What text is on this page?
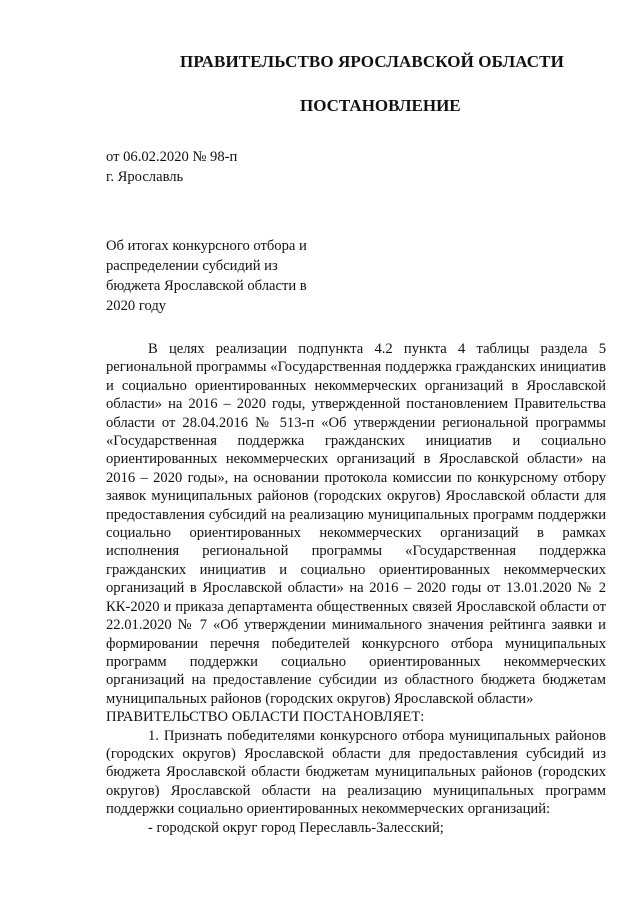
ПРАВИТЕЛЬСТВО ЯРОСЛАВСКОЙ ОБЛАСТИ
ПОСТАНОВЛЕНИЕ
от 06.02.2020 № 98-п
г. Ярославль
Об итогах конкурсного отбора и
распределении субсидий из
бюджета Ярославской области в
2020 году

В целях реализации подпункта 4.2 пункта 4 таблицы раздела 5 региональной программы «Государственная поддержка гражданских инициатив и социально ориентированных некоммерческих организаций в Ярославской области» на 2016 – 2020 годы, утвержденной постановлением Правительства области от 28.04.2016 № 513-п «Об утверждении региональной программы «Государственная поддержка гражданских инициатив и социально ориентированных некоммерческих организаций в Ярославской области» на 2016 – 2020 годы», на основании протокола комиссии по конкурсному отбору заявок муниципальных районов (городских округов) Ярославской области для предоставления субсидий на реализацию муниципальных программ поддержки социально ориентированных некоммерческих организаций в рамках исполнения региональной программы «Государственная поддержка гражданских инициатив и социально ориентированных некоммерческих организаций в Ярославской области» на 2016 – 2020 годы от 13.01.2020 № 2 КК-2020 и приказа департамента общественных связей Ярославской области от 22.01.2020 № 7 «Об утверждении минимального значения рейтинга заявки и формировании перечня победителей конкурсного отбора муниципальных программ поддержки социально ориентированных некоммерческих организаций на предоставление субсидии из областного бюджета бюджетам муниципальных районов (городских округов) Ярославской области»

ПРАВИТЕЛЬСТВО ОБЛАСТИ ПОСТАНОВЛЯЕТ:

1. Признать победителями конкурсного отбора муниципальных районов (городских округов) Ярославской области для предоставления субсидий из бюджета Ярославской области бюджетам муниципальных районов (городских округов) Ярославской области на реализацию муниципальных программ поддержки социально ориентированных некоммерческих организаций:

- городской округ город Переславль-Залесский;
